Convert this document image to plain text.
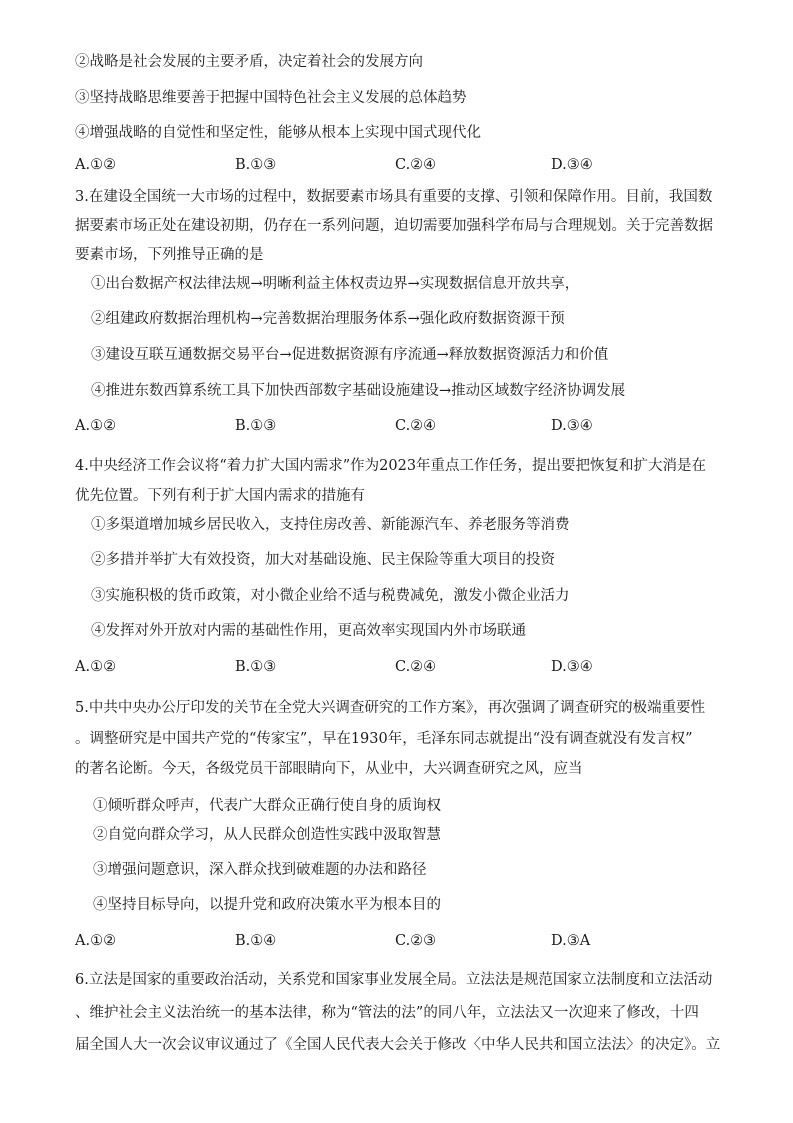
②战略是社会发展的主要矛盾，决定着社会的发展方向
③坚持战略思维要善于把握中国特色社会主义发展的总体趋势
④增强战略的自觉性和坚定性，能够从根本上实现中国式现代化
A.①②	B.①③	C.②④	D.③④
3.在建设全国统一大市场的过程中，数据要素市场具有重要的支撑、引领和保障作用。目前，我国数
据要素市场正处在建设初期，仍存在一系列问题，迫切需要加强科学布局与合理规划。关于完善数据
要素市场，下列推导正确的是
①出台数据产权法律法规→明晰利益主体权责边界→实现数据信息开放共享，
②组建政府数据治理机构→完善数据治理服务体系→强化政府数据资源干预
③建设互联互通数据交易平台→促进数据资源有序流通→释放数据资源活力和价值
④推进东数西算系统工具下加快西部数字基础设施建设→推动区域数字经济协调发展
A.①②	B.①③	C.②④	D.③④
4.中央经济工作会议将“着力扩大国内需求”作为2023年重点工作任务，提出要把恢复和扩大消是在
优先位置。下列有利于扩大国内需求的措施有
①多渠道增加城乡居民收入，支持住房改善、新能源汽车、养老服务等消费
②多措并举扩大有效投资，加大对基础设施、民主保险等重大项目的投资
③实施积极的货币政策，对小微企业给不适与税费减免，激发小微企业活力
④发挥对外开放对内需的基础性作用，更高效率实现国内外市场联通
A.①②	B.①③	C.②④	D.③④
5.中共中央办公厅印发的关节在全党大兴调查研究的工作方案》，再次强调了调查研究的极端重要性
。调整研究是中国共产党的“传家宝”，早在1930年，毛泽东同志就提出“没有调查就没有发言权”
的著名论断。今天，各级党员干部眼睛向下，从业中，大兴调查研究之风，应当
①倾听群众呼声，代表广大群众正确行使自身的质询权
②自觉向群众学习，从人民群众创造性实践中汲取智慧
③增强问题意识，深入群众找到破难题的办法和路径
④坚持目标导向，以提升党和政府决策水平为根本目的
A.①②	B.①④	C.②③	D.③A
6.立法是国家的重要政治活动，关系党和国家事业发展全局。立法法是规范国家立法制度和立法活动
、维护社会主义法治统一的基本法律，称为“管法的法”的同八年，立法法又一次迎来了修改，十四
届全国人大一次会议审议通过了《全国人民代表大会关于修改〈中华人民共和国立法法〉的决定》。立
